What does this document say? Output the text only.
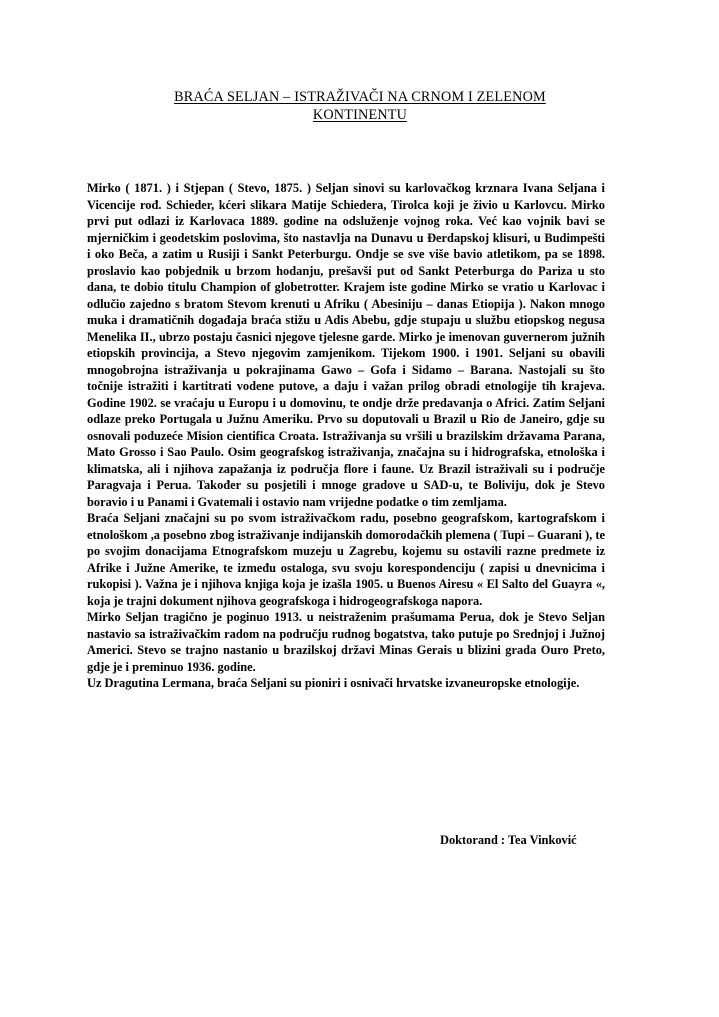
BRAĆA SELJAN – ISTRAŽIVAČI NA CRNOM I ZELENOM
KONTINENTU

Mirko ( 1871. ) i Stjepan ( Stevo, 1875. ) Seljan sinovi su karlovačkog krznara Ivana Seljana i Vicencije rođ. Schieder, kćeri slikara Matije Schiedera, Tirolca koji je živio u Karlovcu. Mirko prvi put odlazi iz Karlovaca 1889. godine na odsluženje vojnog roka. Već kao vojnik bavi se mjerničkim i geodetskim poslovima, što nastavlja na Dunavu u Đerdapskoj klisuri, u Budimpešti i oko Beča, a zatim u Rusiji i Sankt Peterburgu. Ondje se sve više bavio atletikom, pa se 1898. proslavio kao pobjednik u brzom hodanju, prešavši put od Sankt Peterburga do Pariza u sto dana, te dobio titulu Champion of globetrotter. Krajem iste godine Mirko se vratio u Karlovac i odlučio zajedno s bratom Stevom krenuti u Afriku ( Abesiniju – danas Etiopija ). Nakon mnogo muka i dramatičnih događaja braća stižu u Adis Abebu, gdje stupaju u službu etiopskog negusa Menelika II., ubrzo postaju časnici njegove tjelesne garde. Mirko je imenovan guvernerom južnih etiopskih provincija, a Stevo njegovim zamjenikom. Tijekom 1900. i 1901. Seljani su obavili mnogobrojna istraživanja u pokrajinama Gawo – Gofa i Sidamo – Barana. Nastojali su što točnije istražiti i kartitrati vodene putove, a daju i važan prilog obradi etnologije tih krajeva. Godine 1902. se vraćaju u Europu i u domovinu, te ondje drže predavanja o Africi. Zatim Seljani odlaze preko Portugala u Južnu Ameriku. Prvo su doputovali u Brazil u Rio de Janeiro, gdje su osnovali poduzeće Mision cientifica Croata. Istraživanja su vršili u brazilskim državama Parana, Mato Grosso i Sao Paulo. Osim geografskog istraživanja, značajna su i hidrografska, etnološka i klimatska, ali i njihova zapažanja iz područja flore i faune. Uz Brazil istraživali su i područje Paragvaja i Perua. Također su posjetili i mnoge gradove u SAD-u, te Boliviju, dok je Stevo boravio i u Panami i Gvatemali i ostavio nam vrijedne podatke o tim zemljama.

Braća Seljani značajni su po svom istraživačkom radu, posebno geografskom, kartografskom i etnološkom ,a posebno zbog istraživanje indijanskih domorodačkih plemena ( Tupi – Guarani ), te po svojim donacijama Etnografskom muzeju u Zagrebu, kojemu su ostavili razne predmete iz Afrike i Južne Amerike, te između ostaloga, svu svoju korespondenciju ( zapisi u dnevnicima i rukopisi ). Važna je i njihova knjiga koja je izašla 1905. u Buenos Airesu « El Salto del Guayra «, koja je trajni dokument njihova geografskoga i hidrogeografskoga napora.

Mirko Seljan tragično je poginuo 1913. u neistraženim prašumama Perua, dok je Stevo Seljan nastavio sa istraživačkim radom na području rudnog bogatstva, tako putuje po Srednjoj i Južnoj Americi. Stevo se trajno nastanio u brazilskoj državi Minas Gerais u blizini grada Ouro Preto, gdje je i preminuo 1936. godine.

Uz Dragutina Lermana, braća Seljani su pioniri i osnivači hrvatske izvaneuropske etnologije.

Doktorand : Tea Vinković
